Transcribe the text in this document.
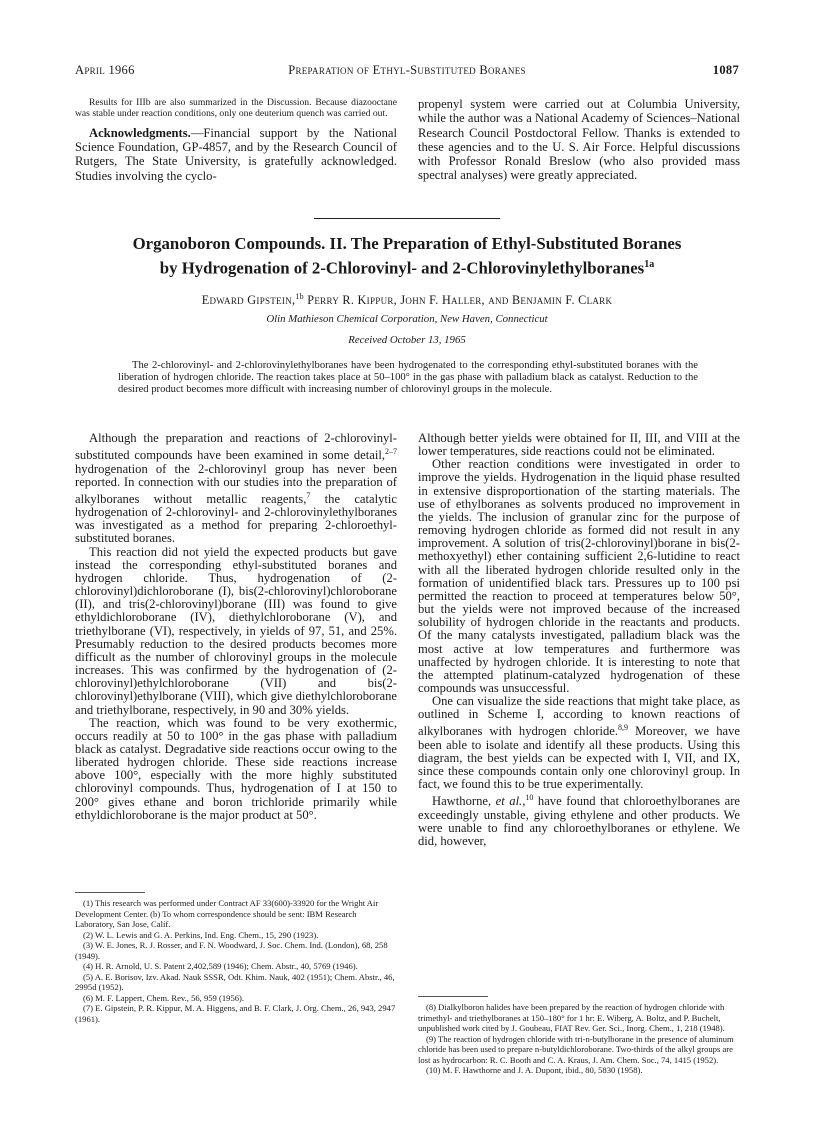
April 1966	Preparation of Ethyl-Substituted Boranes	1087

Results for IIIb are also summarized in the Discussion. Because diazooctane was stable under reaction conditions, only one deuterium quench was carried out.

Acknowledgments.—Financial support by the National Science Foundation, GP-4857, and by the Research Council of Rutgers, The State University, is gratefully acknowledged. Studies involving the cyclo-

propenyl system were carried out at Columbia University, while the author was a National Academy of Sciences–National Research Council Postdoctoral Fellow. Thanks is extended to these agencies and to the U. S. Air Force. Helpful discussions with Professor Ronald Breslow (who also provided mass spectral analyses) were greatly appreciated.

Organoboron Compounds. II. The Preparation of Ethyl-Substituted Boranes
by Hydrogenation of 2-Chlorovinyl- and 2-Chlorovinylethylboranes$^{1a}$
Edward Gipstein,$^{1b}$ Perry R. Kippur, John F. Haller, and Benjamin F. Clark
Olin Mathieson Chemical Corporation, New Haven, Connecticut
Received October 13, 1965

The 2-chlorovinyl- and 2-chlorovinylethylboranes have been hydrogenated to the corresponding ethyl-substituted boranes with the liberation of hydrogen chloride. The reaction takes place at 50–100° in the gas phase with palladium black as catalyst. Reduction to the desired product becomes more difficult with increasing number of chlorovinyl groups in the molecule.

Although the preparation and reactions of 2-chlorovinyl-substituted compounds have been examined in some detail,$^{2-7}$ hydrogenation of the 2-chlorovinyl group has never been reported. In connection with our studies into the preparation of alkylboranes without metallic reagents,$^7$ the catalytic hydrogenation of 2-chlorovinyl- and 2-chlorovinylethylboranes was investigated as a method for preparing 2-chloroethyl-substituted boranes.

This reaction did not yield the expected products but gave instead the corresponding ethyl-substituted boranes and hydrogen chloride. Thus, hydrogenation of (2-chlorovinyl)dichloroborane (I), bis(2-chlorovinyl)chloroborane (II), and tris(2-chlorovinyl)borane (III) was found to give ethyldichloroborane (IV), diethylchloroborane (V), and triethylborane (VI), respectively, in yields of 97, 51, and 25%. Presumably reduction to the desired products becomes more difficult as the number of chlorovinyl groups in the molecule increases. This was confirmed by the hydrogenation of (2-chlorovinyl)ethylchloroborane (VII) and bis(2-chlorovinyl)ethylborane (VIII), which give diethylchloroborane and triethylborane, respectively, in 90 and 30% yields.

The reaction, which was found to be very exothermic, occurs readily at 50 to 100° in the gas phase with palladium black as catalyst. Degradative side reactions occur owing to the liberated hydrogen chloride. These side reactions increase above 100°, especially with the more highly substituted chlorovinyl compounds. Thus, hydrogenation of I at 150 to 200° gives ethane and boron trichloride primarily while ethyldichloroborane is the major product at 50°.

Although better yields were obtained for II, III, and VIII at the lower temperatures, side reactions could not be eliminated.

Other reaction conditions were investigated in order to improve the yields. Hydrogenation in the liquid phase resulted in extensive disproportionation of the starting materials. The use of ethylboranes as solvents produced no improvement in the yields. The inclusion of granular zinc for the purpose of removing hydrogen chloride as formed did not result in any improvement. A solution of tris(2-chlorovinyl)borane in bis(2-methoxyethyl) ether containing sufficient 2,6-lutidine to react with all the liberated hydrogen chloride resulted only in the formation of unidentified black tars. Pressures up to 100 psi permitted the reaction to proceed at temperatures below 50°, but the yields were not improved because of the increased solubility of hydrogen chloride in the reactants and products. Of the many catalysts investigated, palladium black was the most active at low temperatures and furthermore was unaffected by hydrogen chloride. It is interesting to note that the attempted platinum-catalyzed hydrogenation of these compounds was unsuccessful.

One can visualize the side reactions that might take place, as outlined in Scheme I, according to known reactions of alkylboranes with hydrogen chloride.$^{8,9}$ Moreover, we have been able to isolate and identify all these products. Using this diagram, the best yields can be expected with I, VII, and IX, since these compounds contain only one chlorovinyl group. In fact, we found this to be true experimentally.

Hawthorne, et al.,$^{10}$ have found that chloroethylboranes are exceedingly unstable, giving ethylene and other products. We were unable to find any chloroethylboranes or ethylene. We did, however,

(1) This research was performed under Contract AF 33(600)-33920 for the Wright Air Development Center. (b) To whom correspondence should be sent: IBM Research Laboratory, San Jose, Calif.
(2) W. L. Lewis and G. A. Perkins, Ind. Eng. Chem., 15, 290 (1923).
(3) W. E. Jones, R. J. Rosser, and F. N. Woodward, J. Soc. Chem. Ind. (London), 68, 258 (1949).
(4) H. R. Arnold, U. S. Patent 2,402,589 (1946); Chem. Abstr., 40, 5769 (1946).
(5) A. E. Borisov, Izv. Akad. Nauk SSSR, Odt. Khim. Nauk, 402 (1951); Chem. Abstr., 46, 2995d (1952).
(6) M. F. Lappert, Chem. Rev., 56, 959 (1956).
(7) E. Gipstein, P. R. Kippur, M. A. Higgens, and B. F. Clark, J. Org. Chem., 26, 943, 2947 (1961).
(8) Dialkylboron halides have been prepared by the reaction of hydrogen chloride with trimethyl- and triethylboranes at 150–180° for 1 hr: E. Wiberg, A. Boltz, and P. Buchelt, unpublished work cited by J. Goubeau, FIAT Rev. Ger. Sci., Inorg. Chem., 1, 218 (1948).
(9) The reaction of hydrogen chloride with tri-n-butylborane in the presence of aluminum chloride has been used to prepare n-butyldichloroborane. Two-thirds of the alkyl groups are lost as hydrocarbon: R. C. Booth and C. A. Kraus, J. Am. Chem. Soc., 74, 1415 (1952).
(10) M. F. Hawthorne and J. A. Dupont, ibid., 80, 5830 (1958).
